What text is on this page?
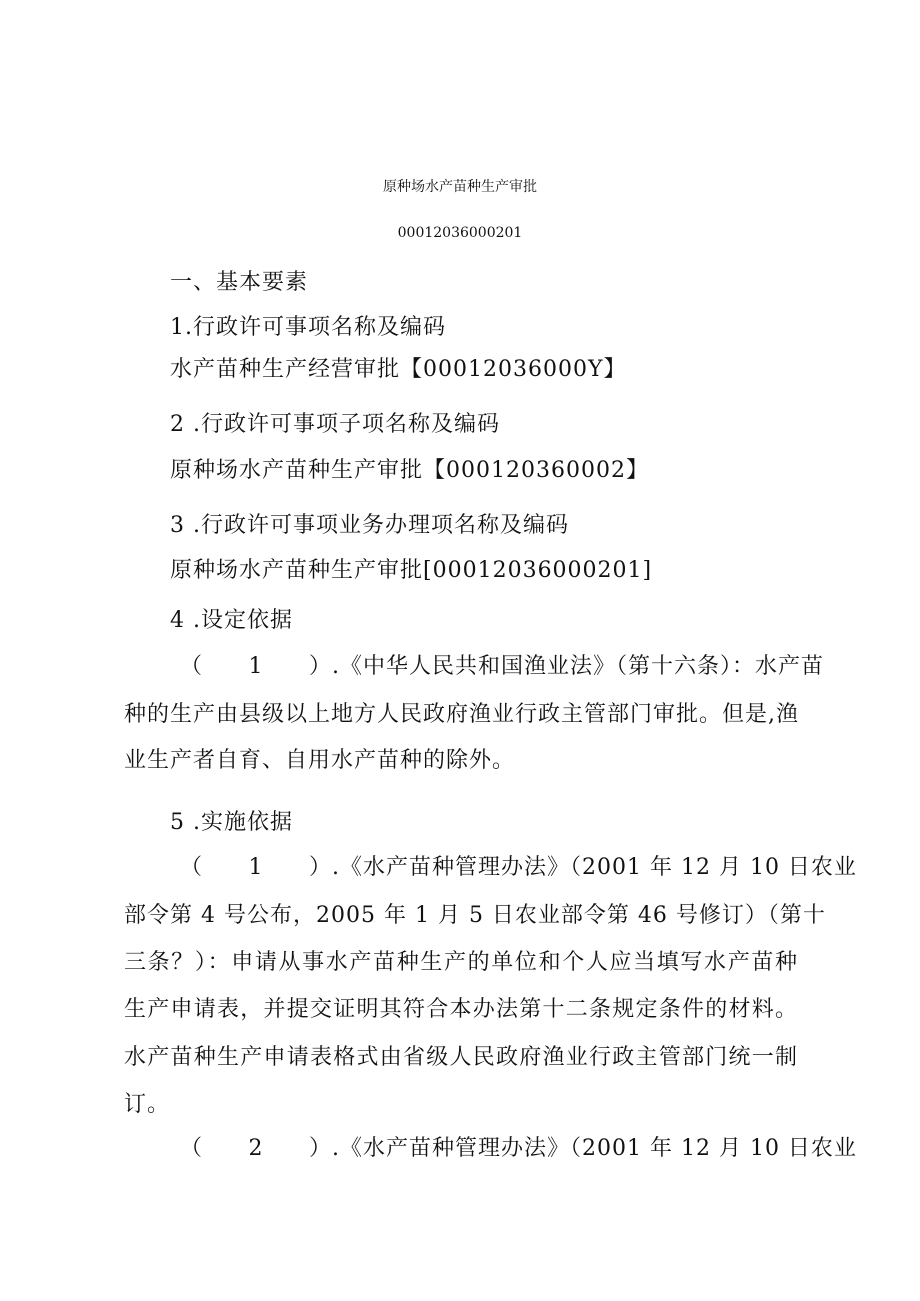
原种场水产苗种生产审批
00012036000201
一、基本要素
1.行政许可事项名称及编码
水产苗种生产经营审批【00012036000Y】
2 .行政许可事项子项名称及编码
原种场水产苗种生产审批【000120360002】
3 .行政许可事项业务办理项名称及编码
原种场水产苗种生产审批[00012036000201]
4 .设定依据
（1）.《中华人民共和国渔业法》（第十六条）：水产苗
种的生产由县级以上地方人民政府渔业行政主管部门审批。但是,渔
业生产者自育、自用水产苗种的除外。
5 .实施依据
（1）.《水产苗种管理办法》（2001 年 12 月 10 日农业
部令第 4 号公布，2005 年 1 月 5 日农业部令第 46 号修订）（第十
三条？）：申请从事水产苗种生产的单位和个人应当填写水产苗种
生产申请表，并提交证明其符合本办法第十二条规定条件的材料。
水产苗种生产申请表格式由省级人民政府渔业行政主管部门统一制
订。
（2）.《水产苗种管理办法》（2001 年 12 月 10 日农业
